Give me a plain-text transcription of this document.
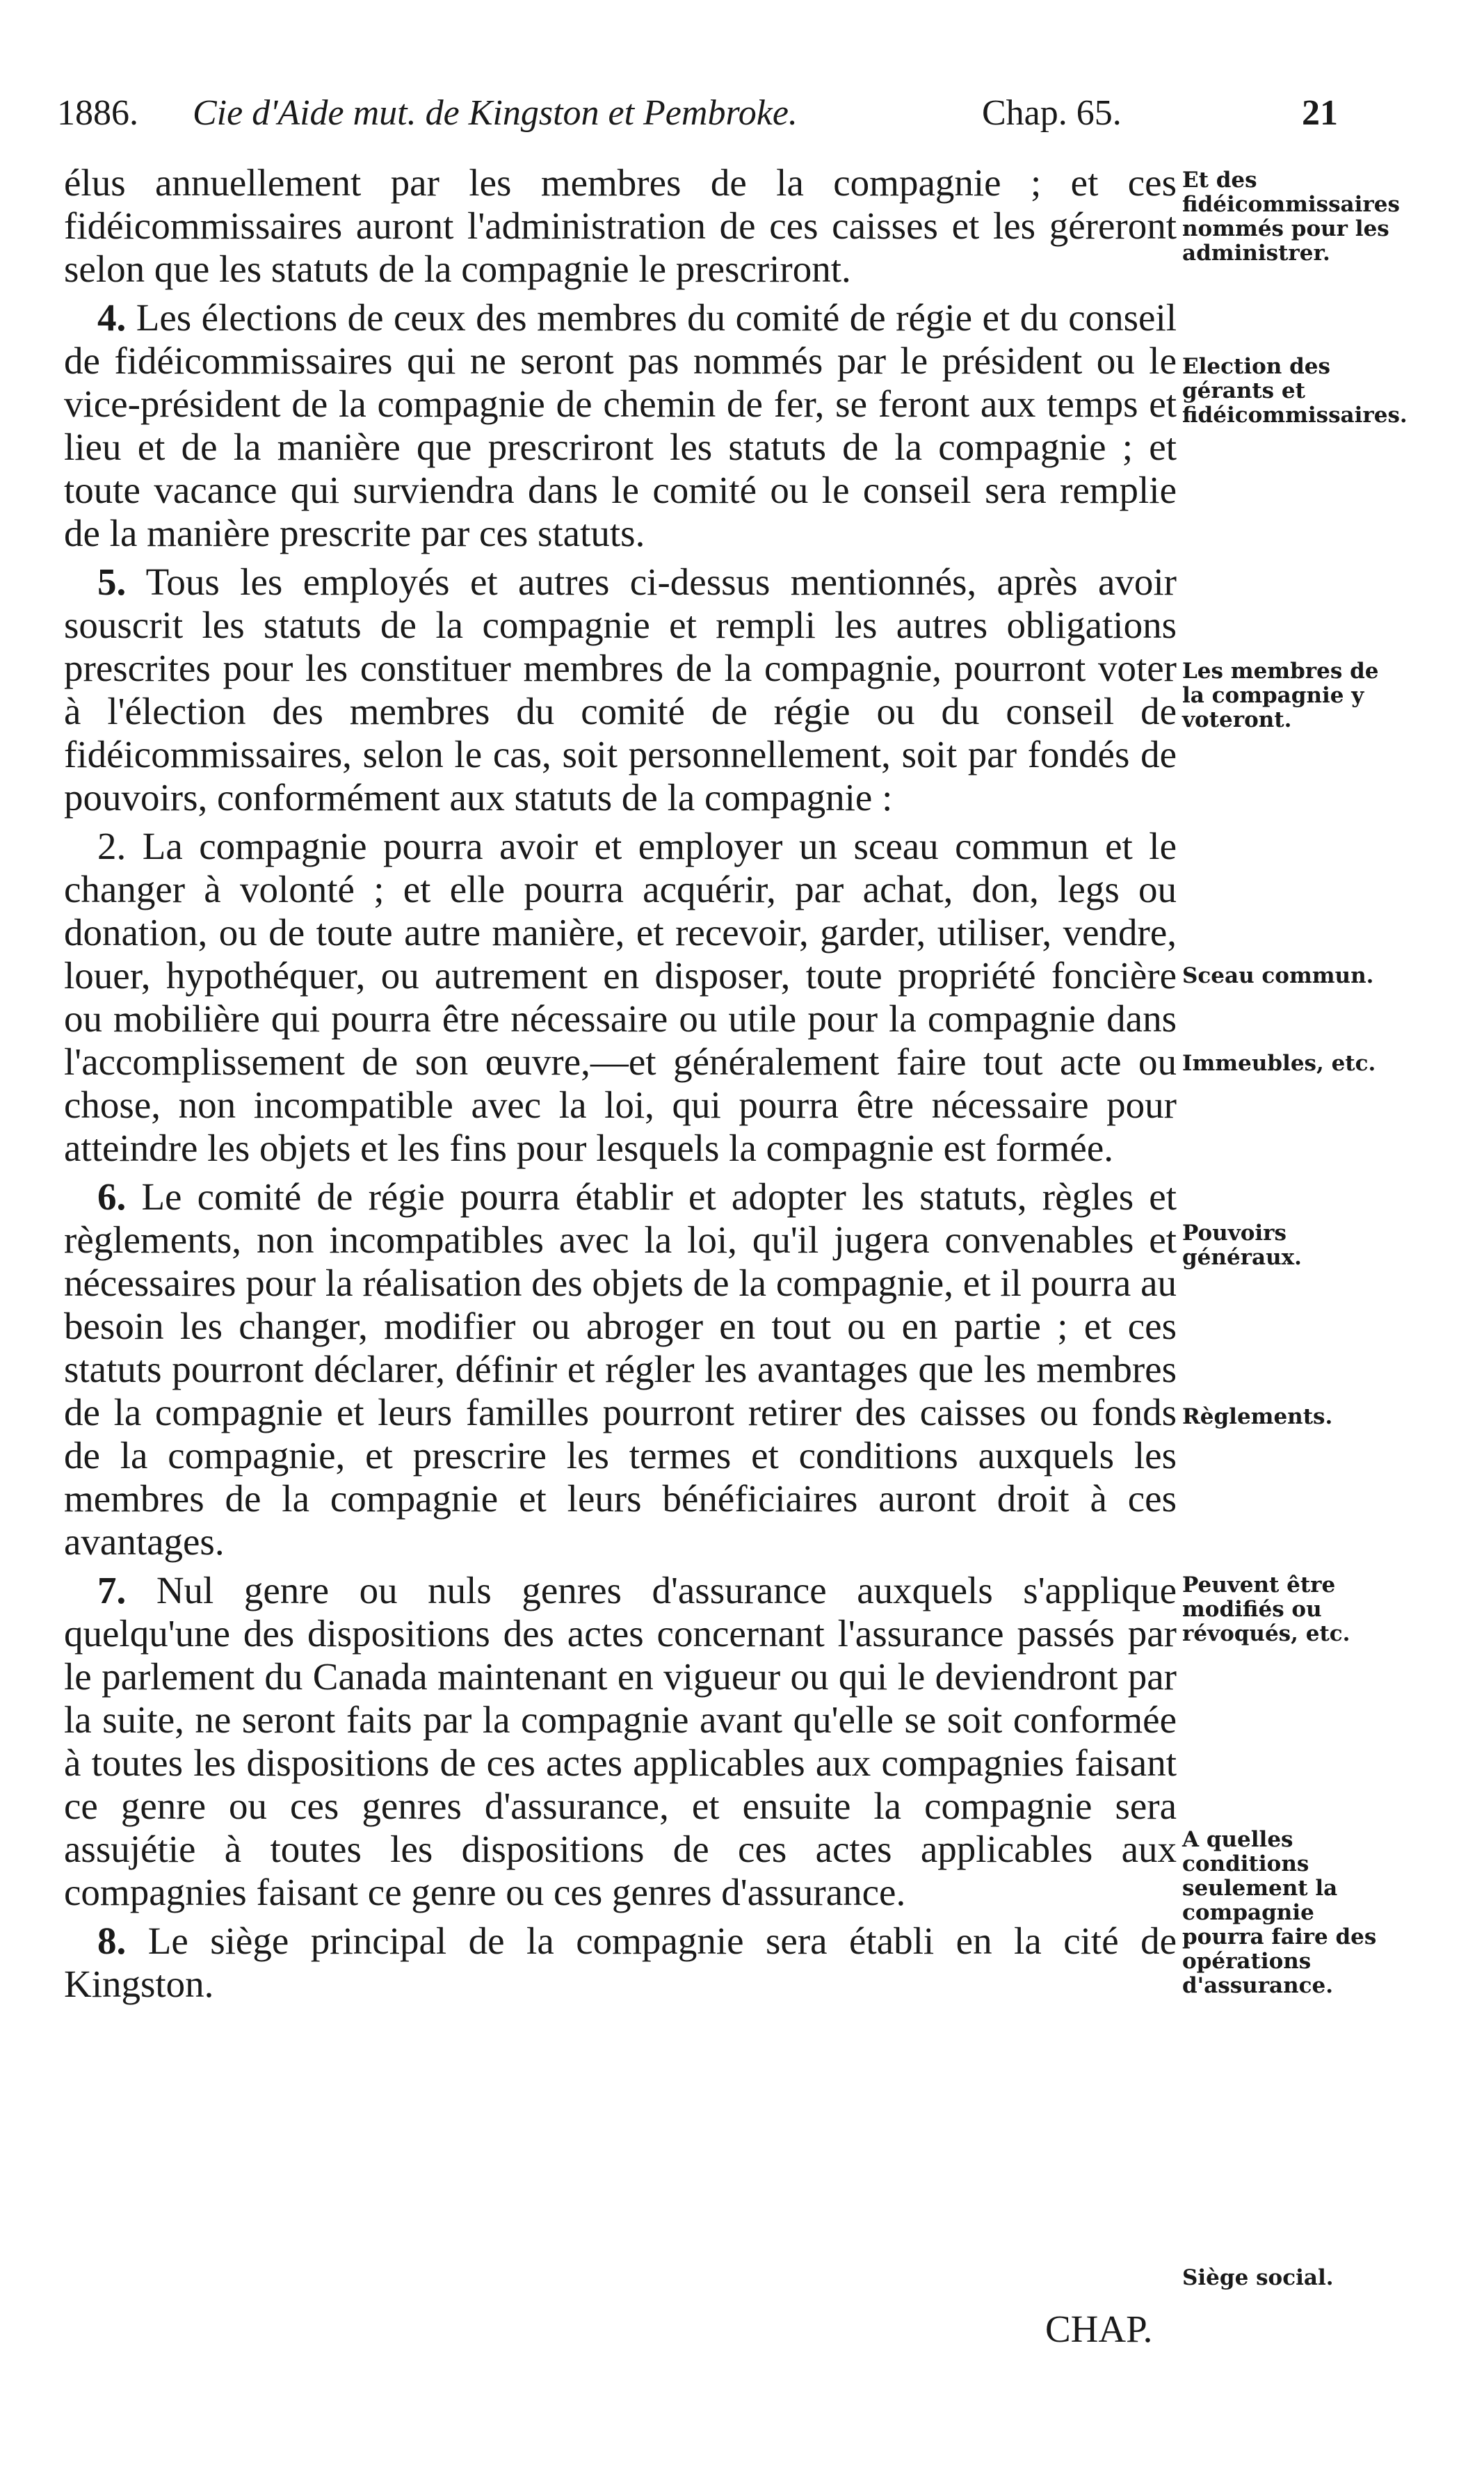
1886. Cie d'Aide mut. de Kingston et Pembroke.	Chap. 65.	21

élus annuellement par les membres de la compagnie ; et ces fidéicommissaires auront l'administration de ces caisses et les géreront selon que les statuts de la compagnie le prescriront.

4. Les élections de ceux des membres du comité de régie et du conseil de fidéicommissaires qui ne seront pas nommés par le président ou le vice-président de la compagnie de chemin de fer, se feront aux temps et lieu et de la manière que prescriront les statuts de la compagnie ; et toute vacance qui surviendra dans le comité ou le conseil sera remplie de la manière prescrite par ces statuts.

5. Tous les employés et autres ci-dessus mentionnés, après avoir souscrit les statuts de la compagnie et rempli les autres obligations prescrites pour les constituer membres de la compagnie, pourront voter à l'élection des membres du comité de régie ou du conseil de fidéicommissaires, selon le cas, soit personnellement, soit par fondés de pouvoirs, conformément aux statuts de la compagnie :

2. La compagnie pourra avoir et employer un sceau commun et le changer à volonté ; et elle pourra acquérir, par achat, don, legs ou donation, ou de toute autre manière, et recevoir, garder, utiliser, vendre, louer, hypothéquer, ou autrement en disposer, toute propriété foncière ou mobilière qui pourra être nécessaire ou utile pour la compagnie dans l'accomplissement de son œuvre,—et généralement faire tout acte ou chose, non incompatible avec la loi, qui pourra être nécessaire pour atteindre les objets et les fins pour lesquels la compagnie est formée.

6. Le comité de régie pourra établir et adopter les statuts, règles et règlements, non incompatibles avec la loi, qu'il jugera convenables et nécessaires pour la réalisation des objets de la compagnie, et il pourra au besoin les changer, modifier ou abroger en tout ou en partie ; et ces statuts pourront déclarer, définir et régler les avantages que les membres de la compagnie et leurs familles pourront retirer des caisses ou fonds de la compagnie, et prescrire les termes et conditions auxquels les membres de la compagnie et leurs bénéficiaires auront droit à ces avantages.

7. Nul genre ou nuls genres d'assurance auxquels s'applique quelqu'une des dispositions des actes concernant l'assurance passés par le parlement du Canada maintenant en vigueur ou qui le deviendront par la suite, ne seront faits par la compagnie avant qu'elle se soit conformée à toutes les dispositions de ces actes applicables aux compagnies faisant ce genre ou ces genres d'assurance, et ensuite la compagnie sera assujétie à toutes les dispositions de ces actes applicables aux compagnies faisant ce genre ou ces genres d'assurance.

8. Le siège principal de la compagnie sera établi en la cité de Kingston.

Et des fidéicommissaires nommés pour les administrer.
Election des gérants et fidéicommissaires.
Les membres de la compagnie y voteront.
Sceau commun.
Immeubles, etc.
Pouvoirs généraux.
Règlements.
Peuvent être modifiés ou révoqués, etc.
A quelles conditions seulement la compagnie pourra faire des opérations d'assurance.
Siège social.
CHAP.
